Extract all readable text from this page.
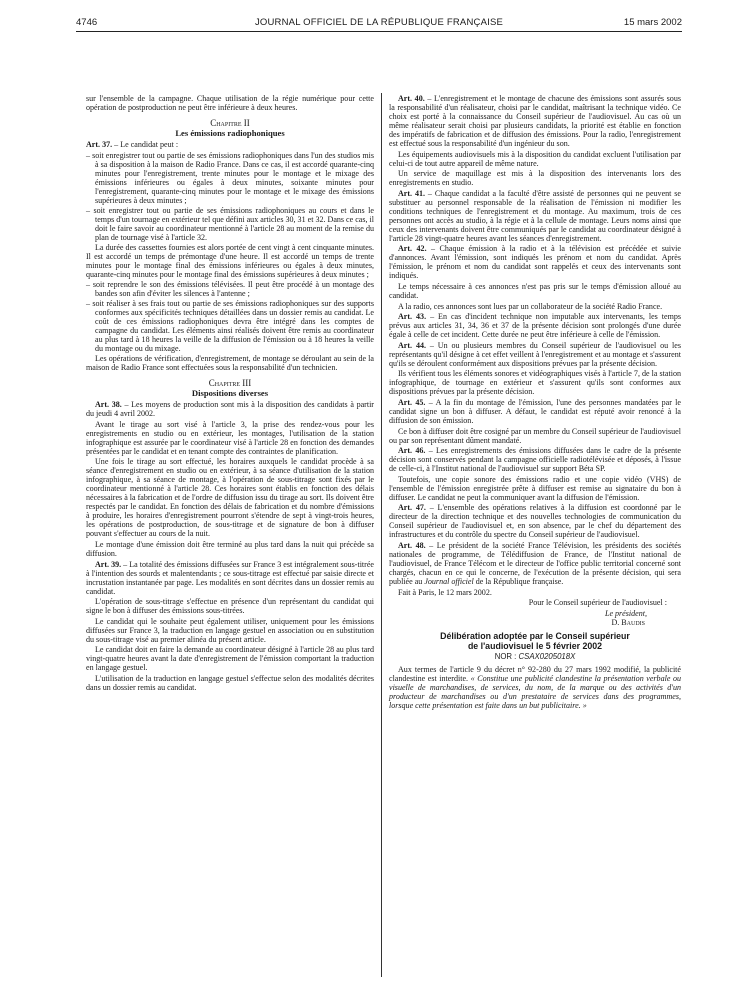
4746	JOURNAL OFFICIEL DE LA RÉPUBLIQUE FRANÇAISE	15 mars 2002

sur l'ensemble de la campagne. Chaque utilisation de la régie numérique pour cette opération de postproduction ne peut être inférieure à deux heures.

Chapitre II
Les émissions radiophoniques

Art. 37. – Le candidat peut :

– soit enregistrer tout ou partie de ses émissions radiophoniques dans l'un des studios mis à sa disposition à la maison de Radio France. Dans ce cas, il est accordé quarante-cinq minutes pour l'enregistrement, trente minutes pour le montage et le mixage des émissions inférieures ou égales à deux minutes, soixante minutes pour l'enregistrement, quarante-cinq minutes pour le montage et le mixage des émissions supérieures à deux minutes ;
– soit enregistrer tout ou partie de ses émissions radiophoniques au cours et dans le temps d'un tournage en extérieur tel que défini aux articles 30, 31 et 32. Dans ce cas, il doit le faire savoir au coordinateur mentionné à l'article 28 au moment de la remise du plan de tournage visé à l'article 32.

La durée des cassettes fournies est alors portée de cent vingt à cent cinquante minutes. Il est accordé un temps de prémontage d'une heure. Il est accordé un temps de trente minutes pour le montage final des émissions inférieures ou égales à deux minutes, quarante-cinq minutes pour le montage final des émissions supérieures à deux minutes ;

– soit reprendre le son des émissions télévisées. Il peut être procédé à un montage des bandes son afin d'éviter les silences à l'antenne ;
– soit réaliser à ses frais tout ou partie de ses émissions radiophoniques sur des supports conformes aux spécificités techniques détaillées dans un dossier remis au candidat. Le coût de ces émissions radiophoniques devra être intégré dans les comptes de campagne du candidat. Les éléments ainsi réalisés doivent être remis au coordinateur au plus tard à 18 heures la veille de la diffusion de l'émission ou à 18 heures la veille du montage ou du mixage.

Les opérations de vérification, d'enregistrement, de montage se déroulant au sein de la maison de Radio France sont effectuées sous la responsabilité d'un technicien.

Chapitre III
Dispositions diverses

Art. 38. – Les moyens de production sont mis à la disposition des candidats à partir du jeudi 4 avril 2002.

Avant le tirage au sort visé à l'article 3, la prise des rendez-vous pour les enregistrements en studio ou en extérieur, les montages, l'utilisation de la station infographique est assurée par le coordinateur visé à l'article 28 en fonction des demandes présentées par le candidat et en tenant compte des contraintes de planification.

Une fois le tirage au sort effectué, les horaires auxquels le candidat procède à sa séance d'enregistrement en studio ou en extérieur, à sa séance d'utilisation de la station infographique, à sa séance de montage, à l'opération de sous-titrage sont fixés par le coordinateur mentionné à l'article 28. Ces horaires sont établis en fonction des délais nécessaires à la fabrication et de l'ordre de diffusion issu du tirage au sort. Ils doivent être respectés par le candidat. En fonction des délais de fabrication et du nombre d'émissions à produire, les horaires d'enregistrement pourront s'étendre de sept à vingt-trois heures, les opérations de postproduction, de sous-titrage et de signature de bon à diffuser pouvant s'effectuer au cours de la nuit.

Le montage d'une émission doit être terminé au plus tard dans la nuit qui précède sa diffusion.

Art. 39. – La totalité des émissions diffusées sur France 3 est intégralement sous-titrée à l'intention des sourds et malentendants ; ce sous-titrage est effectué par saisie directe et incrustation instantanée par page. Les modalités en sont décrites dans un dossier remis au candidat.

L'opération de sous-titrage s'effectue en présence d'un représentant du candidat qui signe le bon à diffuser des émissions sous-titrées.

Le candidat qui le souhaite peut également utiliser, uniquement pour les émissions diffusées sur France 3, la traduction en langage gestuel en association ou en substitution du sous-titrage visé au premier alinéa du présent article.

Le candidat doit en faire la demande au coordinateur désigné à l'article 28 au plus tard vingt-quatre heures avant la date d'enregistrement de l'émission comportant la traduction en langage gestuel.

L'utilisation de la traduction en langage gestuel s'effectue selon des modalités décrites dans un dossier remis au candidat.

Art. 40. – L'enregistrement et le montage de chacune des émissions sont assurés sous la responsabilité d'un réalisateur, choisi par le candidat, maîtrisant la technique vidéo. Ce choix est porté à la connaissance du Conseil supérieur de l'audiovisuel. Au cas où un même réalisateur serait choisi par plusieurs candidats, la priorité est établie en fonction des impératifs de fabrication et de diffusion des émissions. Pour la radio, l'enregistrement est effectué sous la responsabilité d'un ingénieur du son.

Les équipements audiovisuels mis à la disposition du candidat excluent l'utilisation par celui-ci de tout autre appareil de même nature.

Un service de maquillage est mis à la disposition des intervenants lors des enregistrements en studio.

Art. 41. – Chaque candidat a la faculté d'être assisté de personnes qui ne peuvent se substituer au personnel responsable de la réalisation de l'émission ni modifier les conditions techniques de l'enregistrement et du montage. Au maximum, trois de ces personnes ont accès au studio, à la régie et à la cellule de montage. Leurs noms ainsi que ceux des intervenants doivent être communiqués par le candidat au coordinateur désigné à l'article 28 vingt-quatre heures avant les séances d'enregistrement.

Art. 42. – Chaque émission à la radio et à la télévision est précédée et suivie d'annonces. Avant l'émission, sont indiqués les prénom et nom du candidat. Après l'émission, le prénom et nom du candidat sont rappelés et ceux des intervenants sont indiqués.

Le temps nécessaire à ces annonces n'est pas pris sur le temps d'émission alloué au candidat.

A la radio, ces annonces sont lues par un collaborateur de la société Radio France.

Art. 43. – En cas d'incident technique non imputable aux intervenants, les temps prévus aux articles 31, 34, 36 et 37 de la présente décision sont prolongés d'une durée égale à celle de cet incident. Cette durée ne peut être inférieure à celle de l'émission.

Art. 44. – Un ou plusieurs membres du Conseil supérieur de l'audiovisuel ou les représentants qu'il désigne à cet effet veillent à l'enregistrement et au montage et s'assurent qu'ils se déroulent conformément aux dispositions prévues par la présente décision.

Ils vérifient tous les éléments sonores et vidéographiques visés à l'article 7, de la station infographique, de tournage en extérieur et s'assurent qu'ils sont conformes aux dispositions prévues par la présente décision.

Art. 45. – A la fin du montage de l'émission, l'une des personnes mandatées par le candidat signe un bon à diffuser. A défaut, le candidat est réputé avoir renoncé à la diffusion de son émission.

Ce bon à diffuser doit être cosigné par un membre du Conseil supérieur de l'audiovisuel ou par son représentant dûment mandaté.

Art. 46. – Les enregistrements des émissions diffusées dans le cadre de la présente décision sont conservés pendant la campagne officielle radiotélévisée et déposés, à l'issue de celle-ci, à l'Institut national de l'audiovisuel sur support Béta SP.

Toutefois, une copie sonore des émissions radio et une copie vidéo (VHS) de l'ensemble de l'émission enregistrée prête à diffuser est remise au signataire du bon à diffuser. Le candidat ne peut la communiquer avant la diffusion de l'émission.

Art. 47. – L'ensemble des opérations relatives à la diffusion est coordonné par le directeur de la direction technique et des nouvelles technologies de communication du Conseil supérieur de l'audiovisuel et, en son absence, par le chef du département des infrastructures et du contrôle du spectre du Conseil supérieur de l'audiovisuel.

Art. 48. – Le président de la société France Télévision, les présidents des sociétés nationales de programme, de Télédiffusion de France, de l'Institut national de l'audiovisuel, de France Télécom et le directeur de l'office public territorial concerné sont chargés, chacun en ce qui le concerne, de l'exécution de la présente décision, qui sera publiée au Journal officiel de la République française.

Fait à Paris, le 12 mars 2002.

Pour le Conseil supérieur de l'audiovisuel :

Le président,

D. Baudis

Délibération adoptée par le Conseil supérieur
de l'audiovisuel le 5 février 2002
NOR : CSAX0205018X

Aux termes de l'article 9 du décret n° 92-280 du 27 mars 1992 modifié, la publicité clandestine est interdite. « Constitue une publicité clandestine la présentation verbale ou visuelle de marchandises, de services, du nom, de la marque ou des activités d'un producteur de marchandises ou d'un prestataire de services dans des programmes, lorsque cette présentation est faite dans un but publicitaire. »
